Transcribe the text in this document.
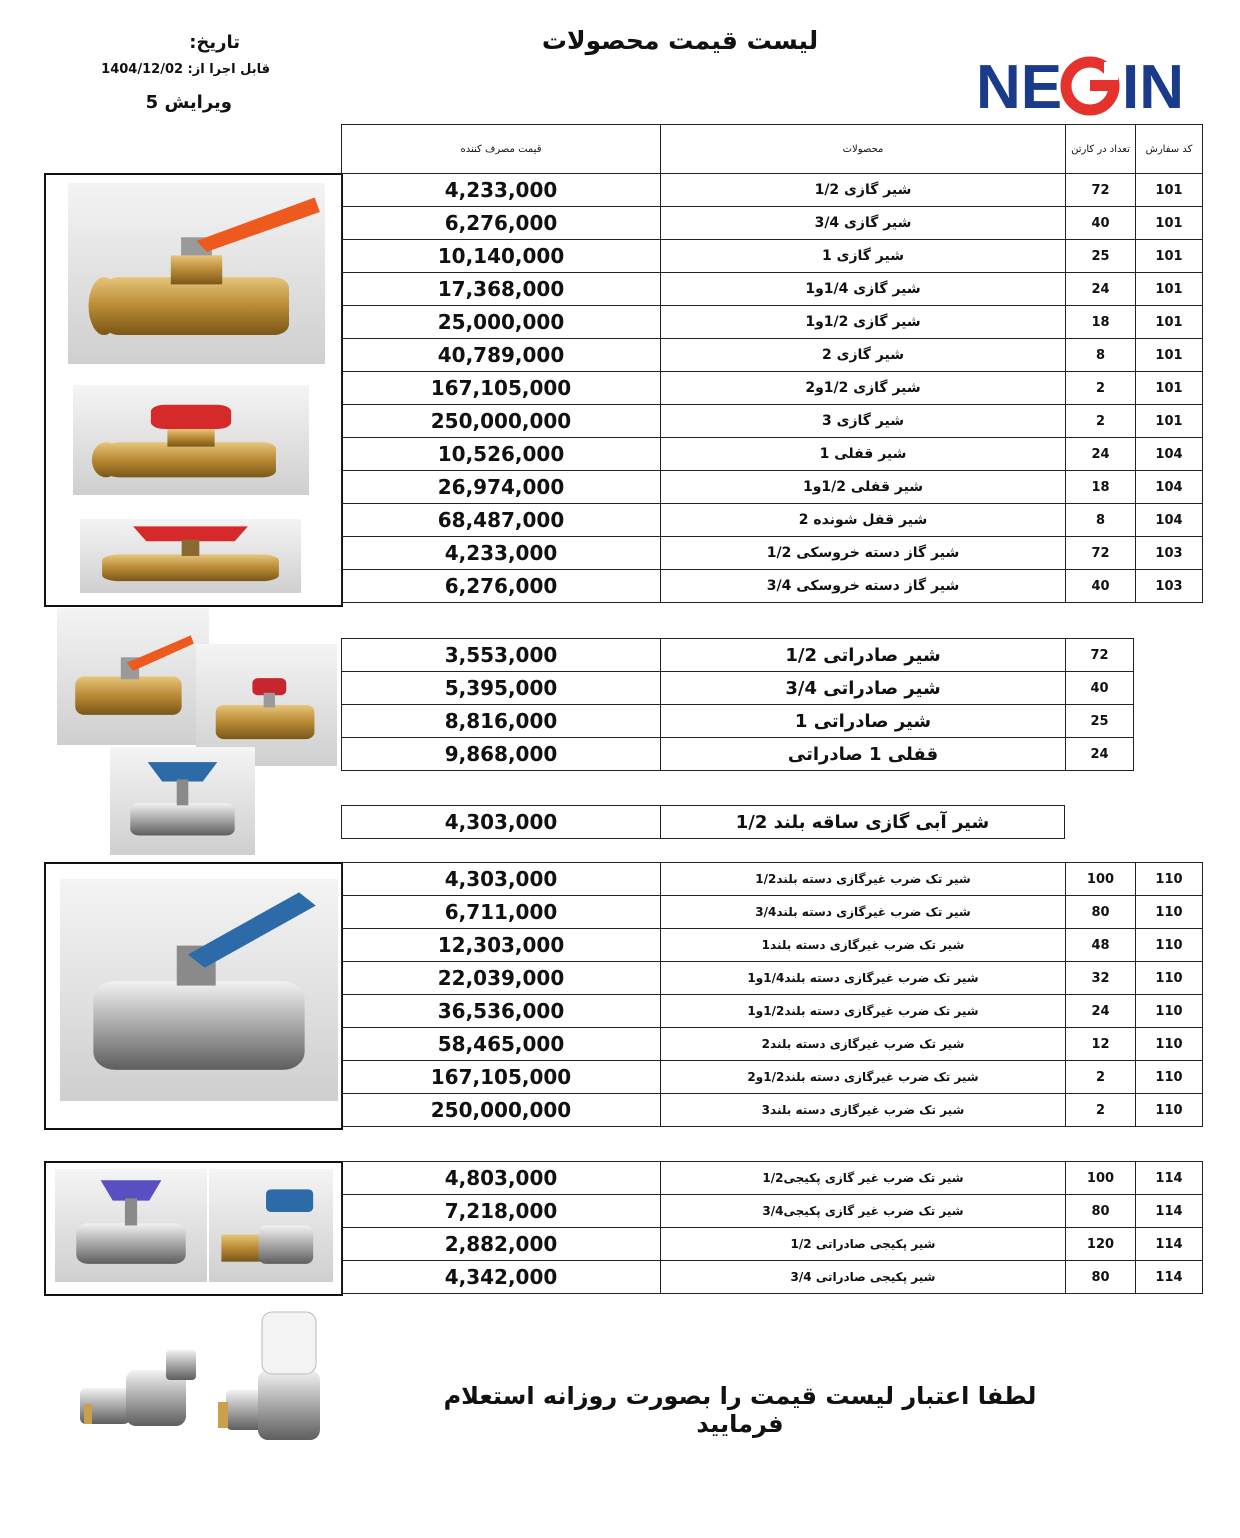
لیست قیمت محصولات
تاریخ:
قابل اجرا از: 1404/12/02
ویرایش 5	NE IN
کد سفارش	تعداد در کارتن	محصولات	قیمت مصرف کننده
101	72	شیر گازی 1/2	4,233,000
101	40	شیر گازی 3/4	6,276,000
101	25	شیر گازی 1	10,140,000
101	24	شیر گازی 1/4و1	17,368,000
101	18	شیر گازی 1/2و1	25,000,000
101	8	شیر گازی 2	40,789,000
101	2	شیر گازی 1/2و2	167,105,000
101	2	شیر گازی 3	250,000,000
104	24	شیر قفلی 1	10,526,000
104	18	شیر قفلی 1/2و1	26,974,000
104	8	شیر قفل شونده 2	68,487,000
103	72	شیر گاز دسته خروسکی 1/2	4,233,000
103	40	شیر گاز دسته خروسکی 3/4	6,276,000
72	شیر صادراتی 1/2	3,553,000
40	شیر صادراتی 3/4	5,395,000
25	شیر صادراتی 1	8,816,000
24	قفلی 1 صادراتی	9,868,000
شیر آبی گازی ساقه بلند 1/2	4,303,000
110	100	شیر تک ضرب غیرگازی دسته بلند1/2	4,303,000
110	80	شیر تک ضرب غیرگازی دسته بلند3/4	6,711,000
110	48	شیر تک ضرب غیرگازی دسته بلند1	12,303,000
110	32	شیر تک ضرب غیرگازی دسته بلند1/4و1	22,039,000
110	24	شیر تک ضرب غیرگازی دسته بلند1/2و1	36,536,000
110	12	شیر تک ضرب غیرگازی دسته بلند2	58,465,000
110	2	شیر تک ضرب غیرگازی دسته بلند1/2و2	167,105,000
110	2	شیر تک ضرب غیرگازی دسته بلند3	250,000,000
114	100	شیر تک ضرب غیر گازی پکیجی1/2	4,803,000
114	80	شیر تک ضرب غیر گازی پکیجی3/4	7,218,000
114	120	شیر پکیجی صادراتی 1/2	2,882,000
114	80	شیر پکیجی صادراتی 3/4	4,342,000
لطفا اعتبار لیست قیمت را بصورت روزانه استعلام فرمایید
